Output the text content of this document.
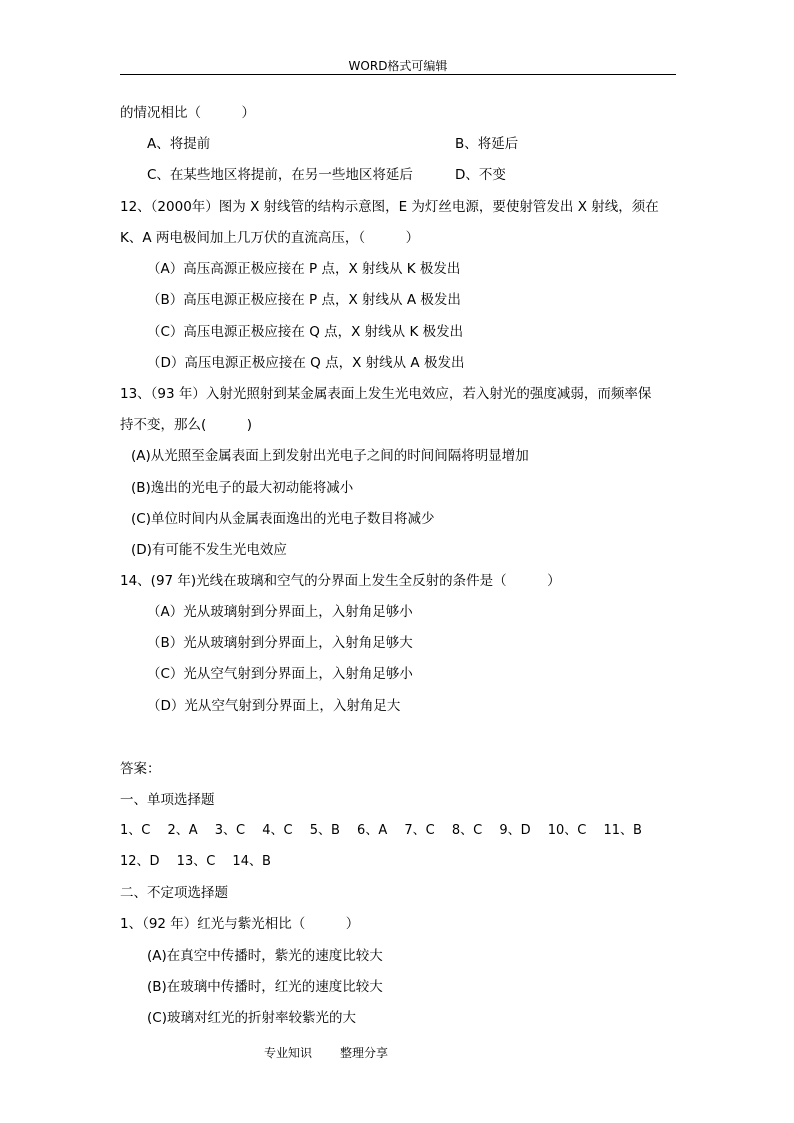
WORD格式可编辑
的情况相比（　　　）
A、将提前	B、将延后
C、在某些地区将提前，在另一些地区将延后	D、不变
12、（2000年）图为 X 射线管的结构示意图，E 为灯丝电源，要使射管发出 X 射线，须在
K、A 两电极间加上几万伏的直流高压，（　　　）
（A）高压高源正极应接在 P 点，X 射线从 K 极发出
（B）高压电源正极应接在 P 点，X 射线从 A 极发出
（C）高压电源正极应接在 Q 点，X 射线从 K 极发出
（D）高压电源正极应接在 Q 点，X 射线从 A 极发出
13、（93 年）入射光照射到某金属表面上发生光电效应，若入射光的强度减弱，而频率保
持不变，那么(　　　)
(A)从光照至金属表面上到发射出光电子之间的时间间隔将明显增加
(B)逸出的光电子的最大初动能将减小
(C)单位时间内从金属表面逸出的光电子数目将减少
(D)有可能不发生光电效应
14、(97 年)光线在玻璃和空气的分界面上发生全反射的条件是（　　　）
（A）光从玻璃射到分界面上，入射角足够小
（B）光从玻璃射到分界面上，入射角足够大
（C）光从空气射到分界面上，入射角足够小
（D）光从空气射到分界面上，入射角足大
答案：
一、单项选择题
1、C　 2、A　 3、C　 4、C　 5、B　 6、A　 7、C　 8、C　 9、D　 10、C　 11、B
12、D　 13、C　 14、B
二、不定项选择题
1、（92 年）红光与紫光相比（　　　）
(A)在真空中传播时，紫光的速度比较大
(B)在玻璃中传播时，红光的速度比较大
(C)玻璃对红光的折射率较紫光的大
专业知识 整理分享
